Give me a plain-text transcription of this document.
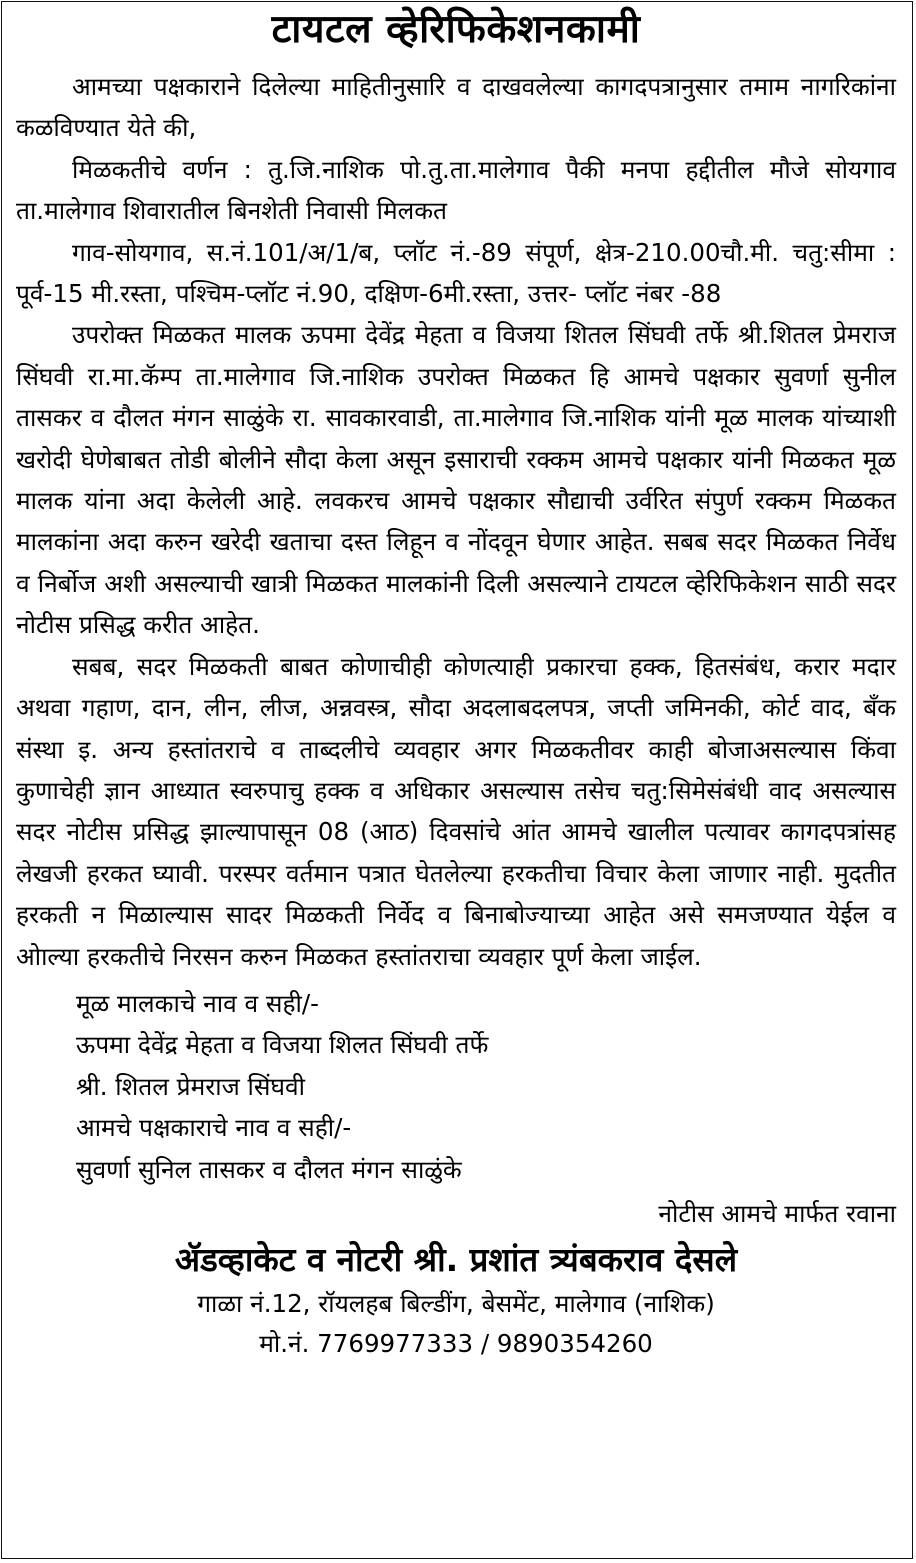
टायटल व्हेरिफिकेशनकामी

आमच्या पक्षकाराने दिलेल्या माहितीनुसारि व दाखवलेल्या कागदपत्रानुसार तमाम नागरिकांना कळविण्यात येते की,

मिळकतीचे वर्णन : तु.जि.नाशिक पो.तु.ता.मालेगाव पैकी मनपा हद्दीतील मौजे सोयगाव ता.मालेगाव शिवारातील बिनशेती निवासी मिलकत

गाव-सोयगाव, स.नं.101/अ/1/ब, प्लॉट नं.-89 संपूर्ण, क्षेत्र-210.00चौ.मी. चतु:सीमा : पूर्व-15 मी.रस्ता, पश्चिम-प्लॉट नं.90, दक्षिण-6मी.रस्ता, उत्तर- प्लॉट नंबर -88

उपरोक्त मिळकत मालक ऊपमा देवेंद्र मेहता व विजया शितल सिंघवी तर्फे श्री.शितल प्रेमराज सिंघवी रा.मा.कॅम्प ता.मालेगाव जि.नाशिक उपरोक्त मिळकत हि आमचे पक्षकार सुवर्णा सुनील तासकर व दौलत मंगन साळुंके रा. सावकारवाडी, ता.मालेगाव जि.नाशिक यांनी मूळ मालक यांच्याशी खरोदी घेणेबाबत तोडी बोलीने सौदा केला असून इसाराची रक्कम आमचे पक्षकार यांनी मिळकत मूळ मालक यांना अदा केलेली आहे. लवकरच आमचे पक्षकार सौद्याची उर्वरित संपुर्ण रक्कम मिळकत मालकांना अदा करुन खरेदी खताचा दस्त लिहून व नोंदवून घेणार आहेत. सबब सदर मिळकत निर्वेध व निर्बोज अशी असल्याची खात्री मिळकत मालकांनी दिली असल्याने टायटल व्हेरिफिकेशन साठी सदर नोटीस प्रसिद्ध करीत आहेत.

सबब, सदर मिळकती बाबत कोणाचीही कोणत्याही प्रकारचा हक्क, हितसंबंध, करार मदार अथवा गहाण, दान, लीन, लीज, अन्नवस्त्र, सौदा अदलाबदलपत्र, जप्ती जमिनकी, कोर्ट वाद, बँक संस्था इ. अन्य हस्तांतराचे व ताब्दलीचे व्यवहार अगर मिळकतीवर काही बोजाअसल्यास किंवा कुणाचेही ज्ञान आध्यात स्वरुपाचु हक्क व अधिकार असल्यास तसेच चतु:सिमेसंबंधी वाद असल्यास सदर नोटीस प्रसिद्ध झाल्यापासून 08 (आठ) दिवसांचे आंत आमचे खालील पत्यावर कागदपत्रांसह लेखजी हरकत घ्यावी. परस्पर वर्तमान पत्रात घेतलेल्या हरकतीचा विचार केला जाणार नाही. मुदतीत हरकती न मिळाल्यास सादर मिळकती निर्वेद व बिनाबोज्याच्या आहेत असे समजण्यात येईल व ओाल्या हरकतीचे निरसन करुन मिळकत हस्तांतराचा व्यवहार पूर्ण केला जाईल.

मूळ मालकाचे नाव व सही/-
ऊपमा देवेंद्र मेहता व विजया शिलत सिंघवी तर्फे
श्री. शितल प्रेमराज सिंघवी
आमचे पक्षकाराचे नाव व सही/-
सुवर्णा सुनिल तासकर व दौलत मंगन साळुंके
नोटीस आमचे मार्फत रवाना
ॲडव्हाकेट व नोटरी श्री. प्रशांत त्र्यंबकराव देसले
गाळा नं.12, रॉयलहब बिल्डींग, बेसमेंट, मालेगाव (नाशिक)
मो.नं. 7769977333 / 9890354260
